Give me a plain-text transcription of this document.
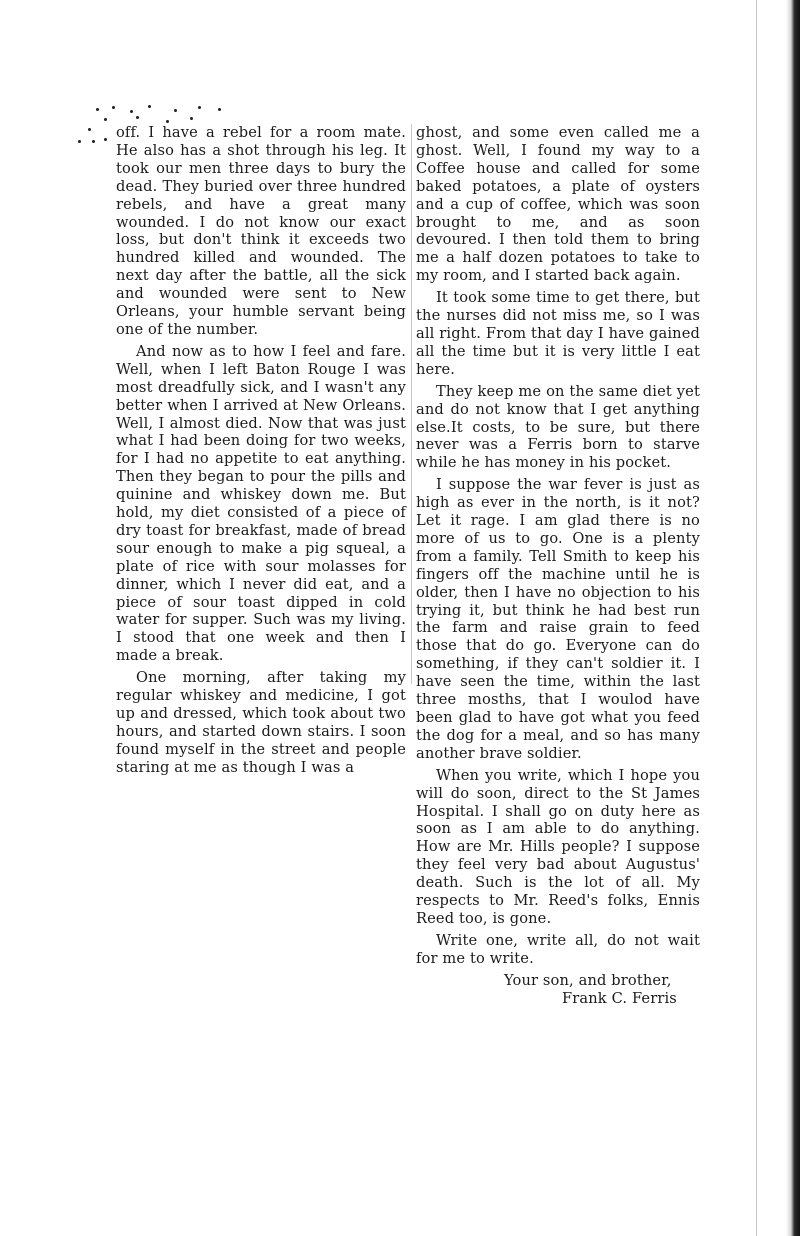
off. I have a rebel for a room mate. He also has a shot through his leg. It took our men three days to bury the dead. They buried over three hundred rebels, and have a great many wounded. I do not know our exact loss, but don't think it exceeds two hundred killed and wounded. The next day after the battle, all the sick and wounded were sent to New Orleans, your humble servant being one of the number.

And now as to how I feel and fare. Well, when I left Baton Rouge I was most dreadfully sick, and I wasn't any better when I arrived at New Orleans. Well, I almost died. Now that was just what I had been doing for two weeks, for I had no appetite to eat anything. Then they began to pour the pills and quinine and whiskey down me. But hold, my diet consisted of a piece of dry toast for breakfast, made of bread sour enough to make a pig squeal, a plate of rice with sour molasses for dinner, which I never did eat, and a piece of sour toast dipped in cold water for supper. Such was my living. I stood that one week and then I made a break.

One morning, after taking my regular whiskey and medicine, I got up and dressed, which took about two hours, and started down stairs. I soon found myself in the street and people staring at me as though I was a

ghost, and some even called me a ghost. Well, I found my way to a Coffee house and called for some baked potatoes, a plate of oysters and a cup of coffee, which was soon brought to me, and as soon devoured. I then told them to bring me a half dozen potatoes to take to my room, and I started back again.

It took some time to get there, but the nurses did not miss me, so I was all right. From that day I have gained all the time but it is very little I eat here.

They keep me on the same diet yet and do not know that I get anything else.It costs, to be sure, but there never was a Ferris born to starve while he has money in his pocket.

I suppose the war fever is just as high as ever in the north, is it not? Let it rage. I am glad there is no more of us to go. One is a plenty from a family. Tell Smith to keep his fingers off the machine until he is older, then I have no objection to his trying it, but think he had best run the farm and raise grain to feed those that do go. Everyone can do something, if they can't soldier it. I have seen the time, within the last three mosths, that I woulod have been glad to have got what you feed the dog for a meal, and so has many another brave soldier.

When you write, which I hope you will do soon, direct to the St James Hospital. I shall go on duty here as soon as I am able to do anything. How are Mr. Hills people? I suppose they feel very bad about Augustus' death. Such is the lot of all. My respects to Mr. Reed's folks, Ennis Reed too, is gone.

Write one, write all, do not wait for me to write.

Your son, and brother,
Frank C. Ferris
